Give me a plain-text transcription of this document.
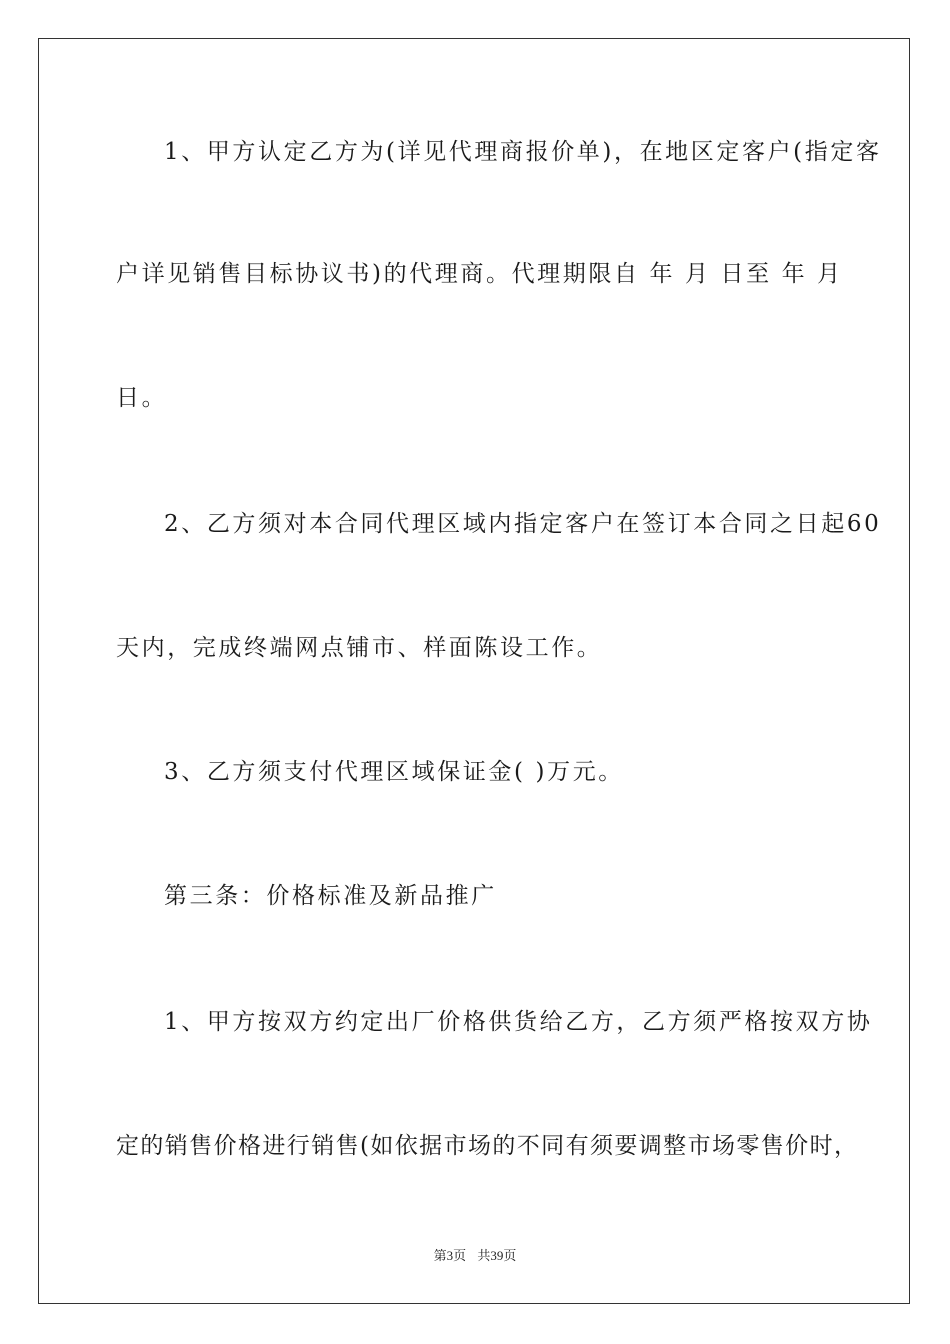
1、甲方认定乙方为(详见代理商报价单)，在地区定客户(指定客
户详见销售目标协议书)的代理商。代理期限自 年 月 日至 年 月
日。
2、乙方须对本合同代理区域内指定客户在签订本合同之日起60
天内，完成终端网点铺市、样面陈设工作。
3、乙方须支付代理区域保证金( )万元。
第三条：价格标准及新品推广
1、甲方按双方约定出厂价格供货给乙方，乙方须严格按双方协
定的销售价格进行销售(如依据市场的不同有须要调整市场零售价时，
第3页 共39页
